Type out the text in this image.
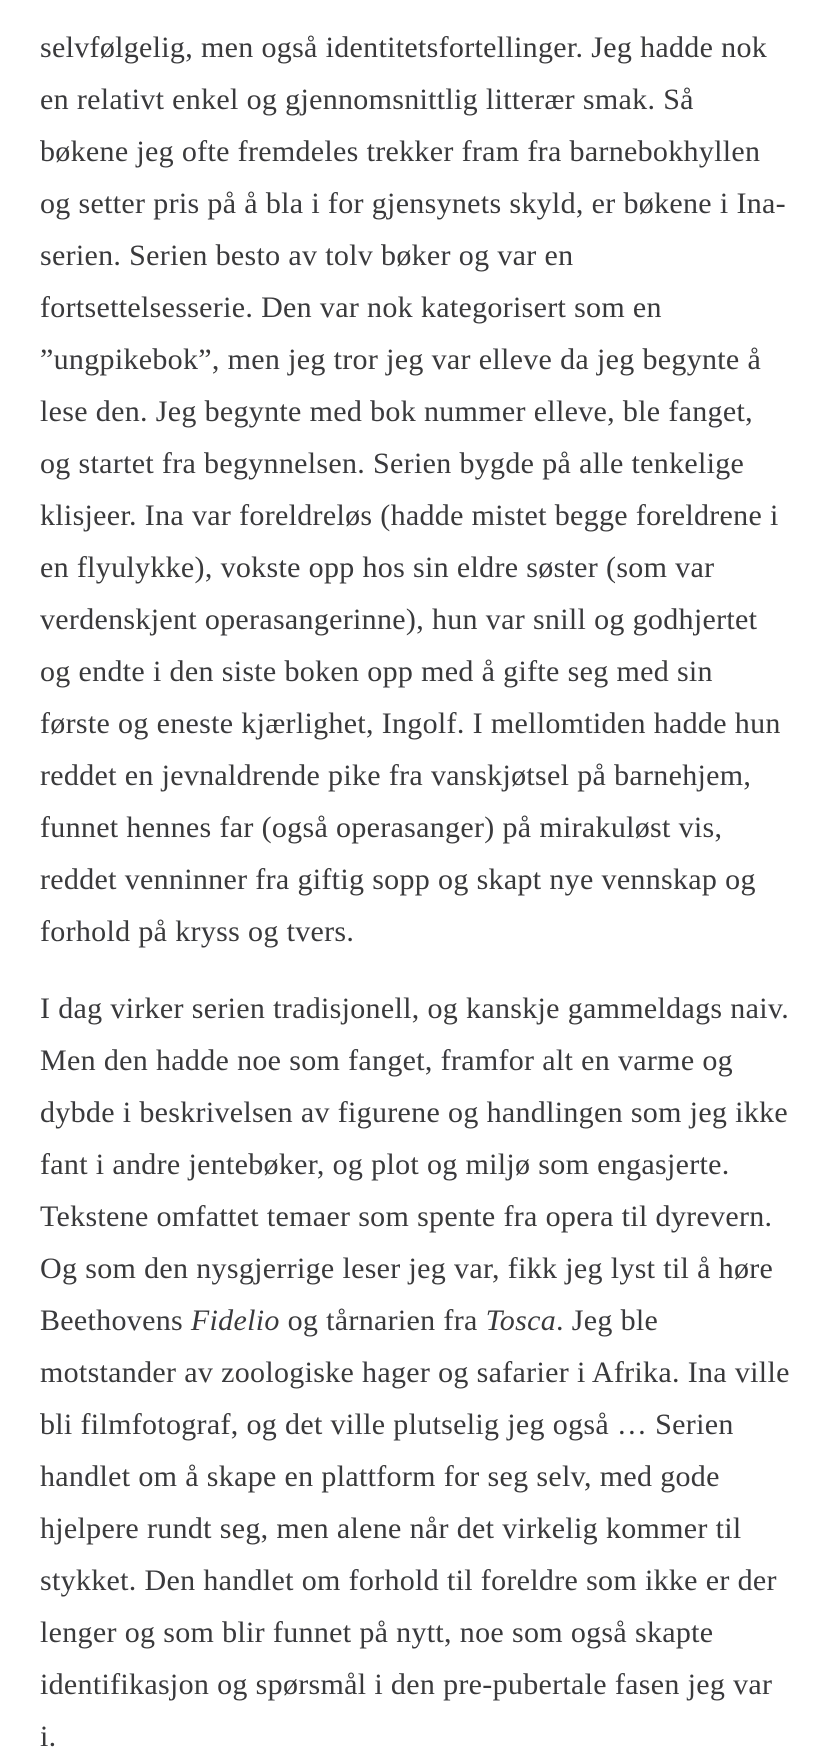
selvfølgelig, men også identitetsfortellinger. Jeg hadde nok en relativt enkel og gjennomsnittlig litterær smak. Så bøkene jeg ofte fremdeles trekker fram fra barnebokhyllen og setter pris på å bla i for gjensynets skyld, er bøkene i Ina-serien. Serien besto av tolv bøker og var en fortsettelsesserie. Den var nok kategorisert som en ”ungpikebok”, men jeg tror jeg var elleve da jeg begynte å lese den. Jeg begynte med bok nummer elleve, ble fanget, og startet fra begynnelsen. Serien bygde på alle tenkelige klisjeer. Ina var foreldreløs (hadde mistet begge foreldrene i en flyulykke), vokste opp hos sin eldre søster (som var verdenskjent operasangerinne), hun var snill og godhjertet og endte i den siste boken opp med å gifte seg med sin første og eneste kjærlighet, Ingolf. I mellomtiden hadde hun reddet en jevnaldrende pike fra vanskjøtsel på barnehjem, funnet hennes far (også operasanger) på mirakuløst vis, reddet venninner fra giftig sopp og skapt nye vennskap og forhold på kryss og tvers.

I dag virker serien tradisjonell, og kanskje gammeldags naiv. Men den hadde noe som fanget, framfor alt en varme og dybde i beskrivelsen av figurene og handlingen som jeg ikke fant i andre jentebøker, og plot og miljø som engasjerte. Tekstene omfattet temaer som spente fra opera til dyrevern. Og som den nysgjerrige leser jeg var, fikk jeg lyst til å høre Beethovens Fidelio og tårnarien fra Tosca. Jeg ble motstander av zoologiske hager og safarier i Afrika. Ina ville bli filmfotograf, og det ville plutselig jeg også … Serien handlet om å skape en plattform for seg selv, med gode hjelpere rundt seg, men alene når det virkelig kommer til stykket. Den handlet om forhold til foreldre som ikke er der lenger og som blir funnet på nytt, noe som også skapte identifikasjon og spørsmål i den pre-pubertale fasen jeg var i.
